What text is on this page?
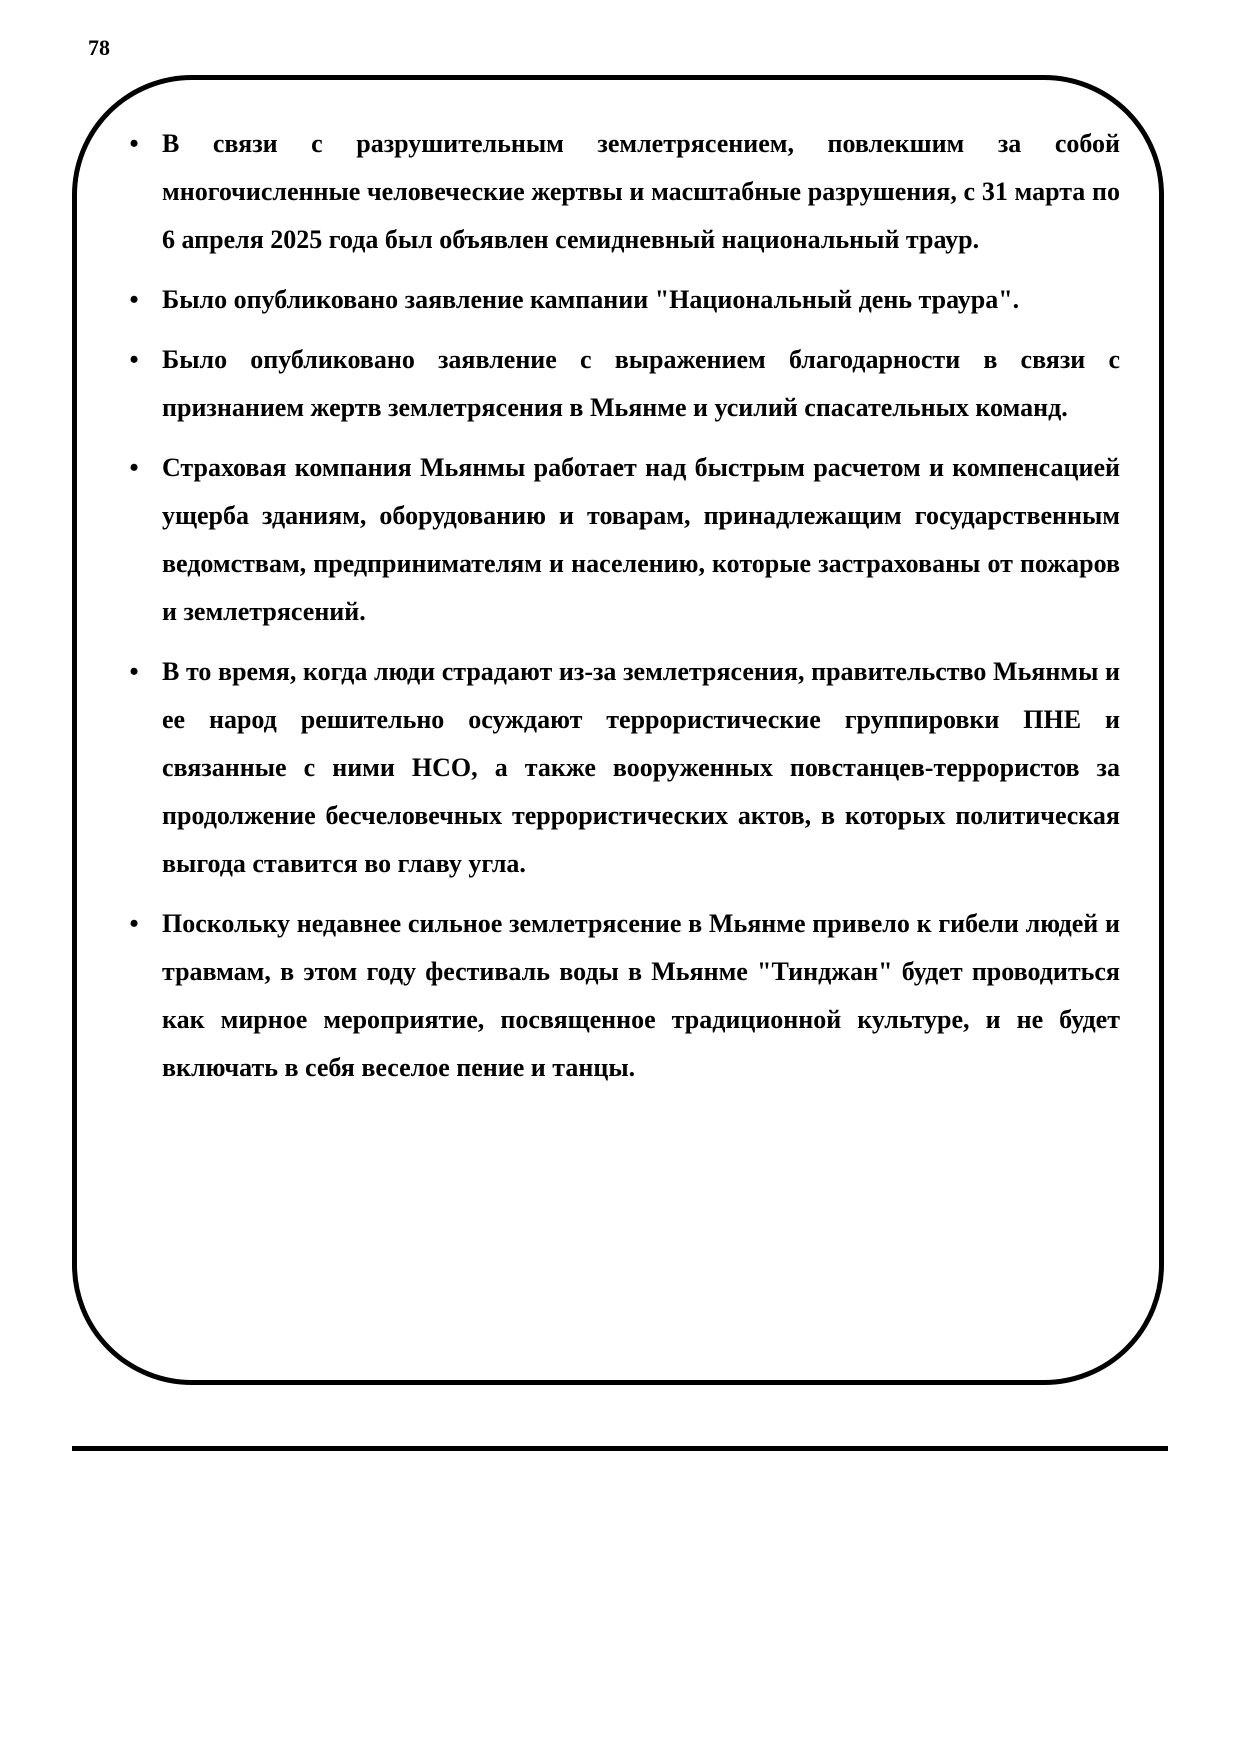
78
• В связи с разрушительным землетрясением, повлекшим за собой многочисленные человеческие жертвы и масштабные разрушения, с 31 марта по 6 апреля 2025 года был объявлен семидневный национальный траур.
• Было опубликовано заявление кампании "Национальный день траура".
• Было опубликовано заявление с выражением благодарности в связи с признанием жертв землетрясения в Мьянме и усилий спасательных команд.
• Страховая компания Мьянмы работает над быстрым расчетом и компенсацией ущерба зданиям, оборудованию и товарам, принадлежащим государственным ведомствам, предпринимателям и населению, которые застрахованы от пожаров и землетрясений.
• В то время, когда люди страдают из-за землетрясения, правительство Мьянмы и ее народ решительно осуждают террористические группировки ПНЕ и связанные с ними НСО, а также вооруженных повстанцев-террористов за продолжение бесчеловечных террористических актов, в которых политическая выгода ставится во главу угла.
• Поскольку недавнее сильное землетрясение в Мьянме привело к гибели людей и травмам, в этом году фестиваль воды в Мьянме "Тинджан" будет проводиться как мирное мероприятие, посвященное традиционной культуре, и не будет включать в себя веселое пение и танцы.
